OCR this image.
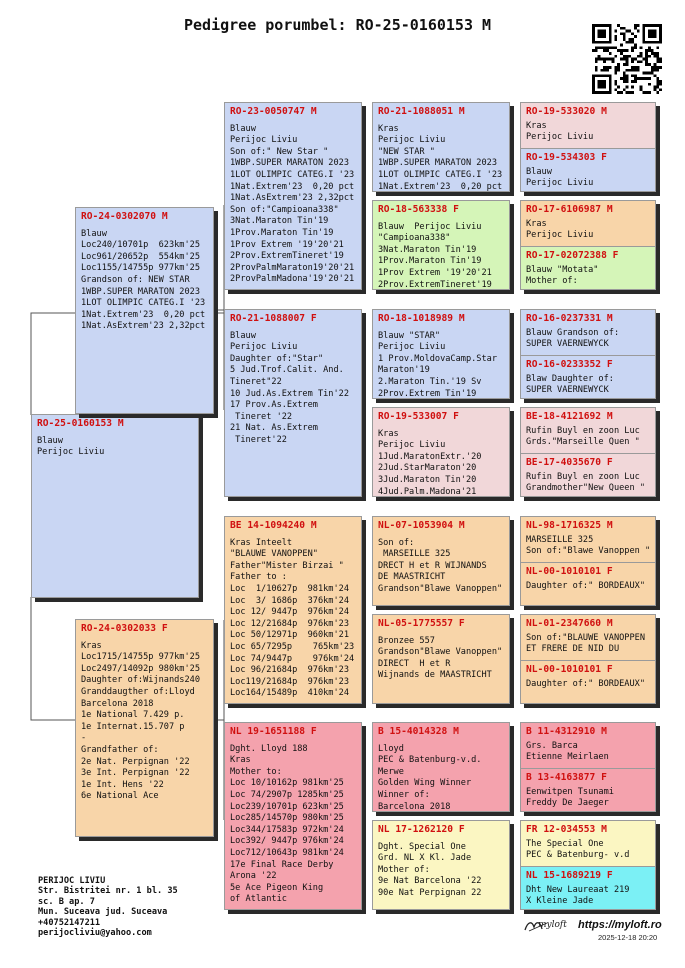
Pedigree porumbel: RO-25-0160153 M
RO-25-0160153 M
Blauw
Perijoc Liviu
RO-24-0302070 M
Blauw
Loc240/10701p  623km'25
Loc961/20652p  554km'25
Loc1155/14755p 977km'25
Grandson of: NEW STAR
1WBP.SUPER MARATON 2023
1LOT OLIMPIC CATEG.I '23
1Nat.Extrem'23  0,20 pct
1Nat.AsExtrem'23 2,32pct
RO-24-0302033 F
Kras
Loc1715/14755p 977km'25
Loc2497/14092p 980km'25
Daughter of:Wijnands240
Granddaugther of:Lloyd
Barcelona 2018
1e National 7.429 p.
1e Internat.15.707 p
-
Grandfather of:
2e Nat. Perpignan '22
3e Int. Perpignan '22
1e Int. Hens '22
6e National Ace
RO-23-0050747 M
Blauw
Perijoc Liviu
Son of:" New Star "
1WBP.SUPER MARATON 2023
1LOT OLIMPIC CATEG.I '23
1Nat.Extrem'23  0,20 pct
1Nat.AsExtrem'23 2,32pct
Son of:"Campioana338"
3Nat.Maraton Tin'19
1Prov.Maraton Tin'19
1Prov Extrem '19'20'21
2Prov.ExtremTineret'19
2ProvPalmMaraton19'20'21
2ProvPalmMadona'19'20'21
RO-21-1088007 F
Blauw
Perijoc Liviu
Daughter of:"Star"
5 Jud.Trof.Calit. And.
Tineret"22
10 Jud.As.Extrem Tin'22
17 Prov.As.Extrem
Tineret '22
21 Nat. As.Extrem
Tineret'22
BE 14-1094240 M
Kras Inteelt
"BLAUWE VANOPPEN"
Father"Mister Birzai "
Father to :
Loc  1/10627p  981km'24
Loc  3/ 1686p  376km'24
Loc 12/ 9447p  976km'24
Loc 12/21684p  976km'23
Loc 50/12971p  960km'21
Loc 65/7295p    765km'23
Loc 74/9447p    976km'24
Loc 96/21684p  976km'23
Loc119/21684p  976km'23
Loc164/15489p  410km'24
NL 19-1651188 F
Dght. Lloyd 188
Kras
Mother to:
Loc 10/10162p 981km'25
Loc 74/2907p 1285km'25
Loc239/10701p 623km'25
Loc285/14570p 980km'25
Loc344/17583p 972km'24
Loc392/ 9447p 976km'24
Loc712/10643p 981km'24
17e Final Race Derby
Arona '22
5e Ace Pigeon King
of Atlantic
RO-21-1088051 M
Kras
Perijoc Liviu
"NEW STAR "
1WBP.SUPER MARATON 2023
1LOT OLIMPIC CATEG.I '23
1Nat.Extrem'23  0,20 pct
RO-18-563338 F
Blauw  Perijoc Liviu
"Campioana338"
3Nat.Maraton Tin'19
1Prov.Maraton Tin'19
1Prov Extrem '19'20'21
2Prov.ExtremTineret'19
RO-18-1018989 M
Blauw "STAR"
Perijoc Liviu
1 Prov.MoldovaCamp.Star
Maraton'19
2.Maraton Tin.'19 Sv
2Prov.Extrem Tin'19
RO-19-533007 F
Kras
Perijoc Liviu
1Jud.MaratonExtr.'20
2Jud.StarMaraton'20
3Jud.Maraton Tin'20
4Jud.Palm.Madona'21
NL-07-1053904 M
Son of:
MARSEILLE 325
DRECT H et R WIJNANDS
DE MAASTRICHT
Grandson"Blawe Vanoppen"
NL-05-1775557 F
Bronzee 557
Grandson"Blawe Vanoppen"
DIRECT  H et R
Wijnands de MAASTRICHT
B 15-4014328 M
Lloyd
PEC & Batenburg-v.d.
Merwe
Golden Wing Winner
Winner of:
Barcelona 2018
NL 17-1262120 F
Dght. Special One
Grd. NL X Kl. Jade
Mother of:
9e Nat Barcelona '22
90e Nat Perpignan 22
RO-19-533020 M
Kras
Perijoc Liviu
RO-19-534303 F
Blauw
Perijoc Liviu
RO-17-6106987 M
Kras
Perijoc Liviu
RO-17-02072388 F
Blauw "Motata"
Mother of:
RO-16-0237331 M
Blauw Grandson of:
SUPER VAERNEWYCK
RO-16-0233352 F
Blaw Daughter of:
SUPER VAERNEWYCK
BE-18-4121692 M
Rufin Buyl en zoon Luc
Grds."Marseille Quen "
BE-17-4035670 F
Rufin Buyl en zoon Luc
Grandmother"New Queen "
NL-98-1716325 M
MARSEILLE 325
Son of:"Blawe Vanoppen "
NL-00-1010101 F
Daughter of:" BORDEAUX"
NL-01-2347660 M
Son of:"BLAUWE VANOPPEN
ET FRERE DE NID DU
NL-00-1010101 F
Daughter of:" BORDEAUX"
B 11-4312910 M
Grs. Barca
Etienne Meirlaen
B 13-4163877 F
Eenwitpen Tsunami
Freddy De Jaeger
FR 12-034553 M
The Special One
PEC & Batenburg- v.d
NL 15-1689219 F
Dht New Laureaat 219
X Kleine Jade
PERIJOC LIVIU
Str. Bistritei nr. 1 bl. 35
sc. B ap. 7
Mun. Suceava jud. Suceava
+40752147211
perijocliviu@yahoo.com
myloft https://myloft.ro
2025-12-18 20:20
